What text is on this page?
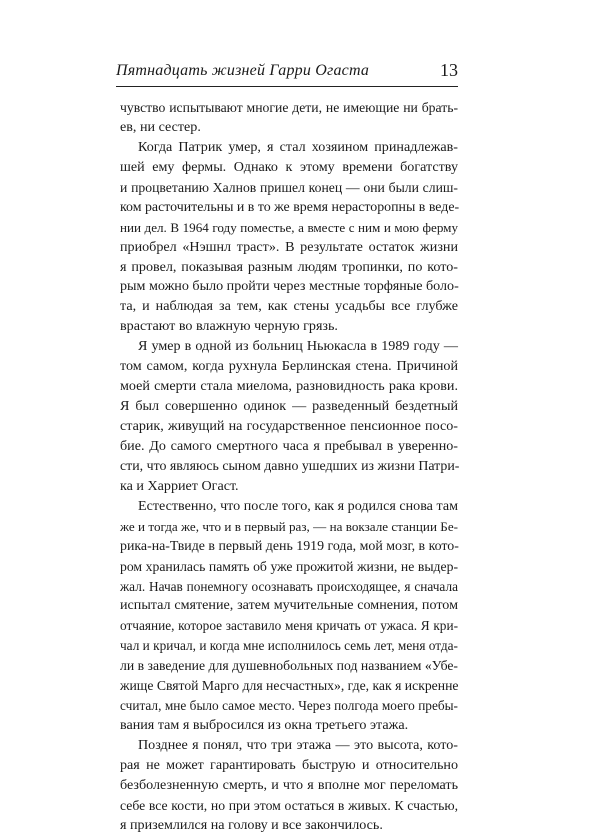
Пятнадцать жизней Гарри Огаста	13
чувство испытывают многие дети, не имеющие ни брать-
ев, ни сестер.
Когда Патрик умер, я стал хозяином принадлежав-
шей ему фермы. Однако к этому времени богатству
и процветанию Халнов пришел конец — они были слиш-
ком расточительны и в то же время нерасторопны в веде-
нии дел. В 1964 году поместье, а вместе с ним и мою ферму
приобрел «Нэшнл траст». В результате остаток жизни
я провел, показывая разным людям тропинки, по кото-
рым можно было пройти через местные торфяные боло-
та, и наблюдая за тем, как стены усадьбы все глубже
врастают во влажную черную грязь.
Я умер в одной из больниц Ньюкасла в 1989 году —
том самом, когда рухнула Берлинская стена. Причиной
моей смерти стала миелома, разновидность рака крови.
Я был совершенно одинок — разведенный бездетный
старик, живущий на государственное пенсионное посо-
бие. До самого смертного часа я пребывал в уверенно-
сти, что являюсь сыном давно ушедших из жизни Патри-
ка и Харриет Огаст.
Естественно, что после того, как я родился снова там
же и тогда же, что и в первый раз, — на вокзале станции Бе-
рика-на-Твиде в первый день 1919 года, мой мозг, в кото-
ром хранилась память об уже прожитой жизни, не выдер-
жал. Начав понемногу осознавать происходящее, я сначала
испытал смятение, затем мучительные сомнения, потом
отчаяние, которое заставило меня кричать от ужаса. Я кри-
чал и кричал, и когда мне исполнилось семь лет, меня отда-
ли в заведение для душевнобольных под названием «Убе-
жище Святой Марго для несчастных», где, как я искренне
считал, мне было самое место. Через полгода моего пребы-
вания там я выбросился из окна третьего этажа.
Позднее я понял, что три этажа — это высота, кото-
рая не может гарантировать быструю и относительно
безболезненную смерть, и что я вполне мог переломать
себе все кости, но при этом остаться в живых. К счастью,
я приземлился на голову и все закончилось.
